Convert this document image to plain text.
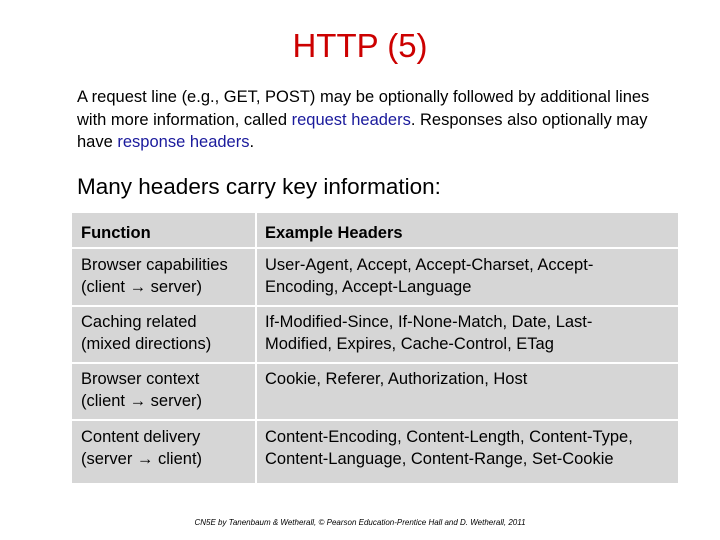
HTTP (5)
A request line (e.g., GET, POST) may be optionally followed by additional lines with more information, called request headers. Responses also optionally may have response headers.
Many headers carry key information:
Function	Example Headers
Browser capabilities
(client → server)
User-Agent, Accept, Accept-Charset, Accept-
Encoding, Accept-Language
Caching related
(mixed directions)
If-Modified-Since, If-None-Match, Date, Last-
Modified, Expires, Cache-Control, ETag
Browser context
(client → server)
Cookie, Referer, Authorization, Host
Content delivery
(server → client)
Content-Encoding, Content-Length, Content-Type,
Content-Language, Content-Range, Set-Cookie
CN5E by Tanenbaum & Wetherall, © Pearson Education-Prentice Hall and D. Wetherall, 2011
